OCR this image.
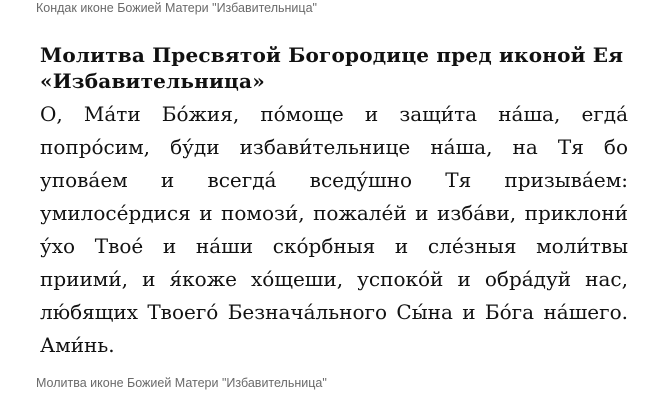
Кондак иконе Божией Матери "Избавительница"
Молитва Пресвятой Богородице пред иконой Ея «Избавительница»

О, Ма́ти Бо́жия, по́моще и защи́та на́ша, егда́ попро́сим, бу́ди избави́тельнице на́ша, на Тя бо упова́ем и всегда́ вседу́шно Тя призыва́ем: умилосе́рдися и помози́, пожале́й и изба́ви, приклони́ у́хо Твое́ и на́ши ско́рбныя и сле́зныя моли́твы приими́, и я́коже хо́щеши, успоко́й и обра́дуй нас, лю́бящих Твоего́ Безнача́льного Сы́на и Бо́га на́шего. Ами́нь.

Молитва иконе Божией Матери "Избавительница"
